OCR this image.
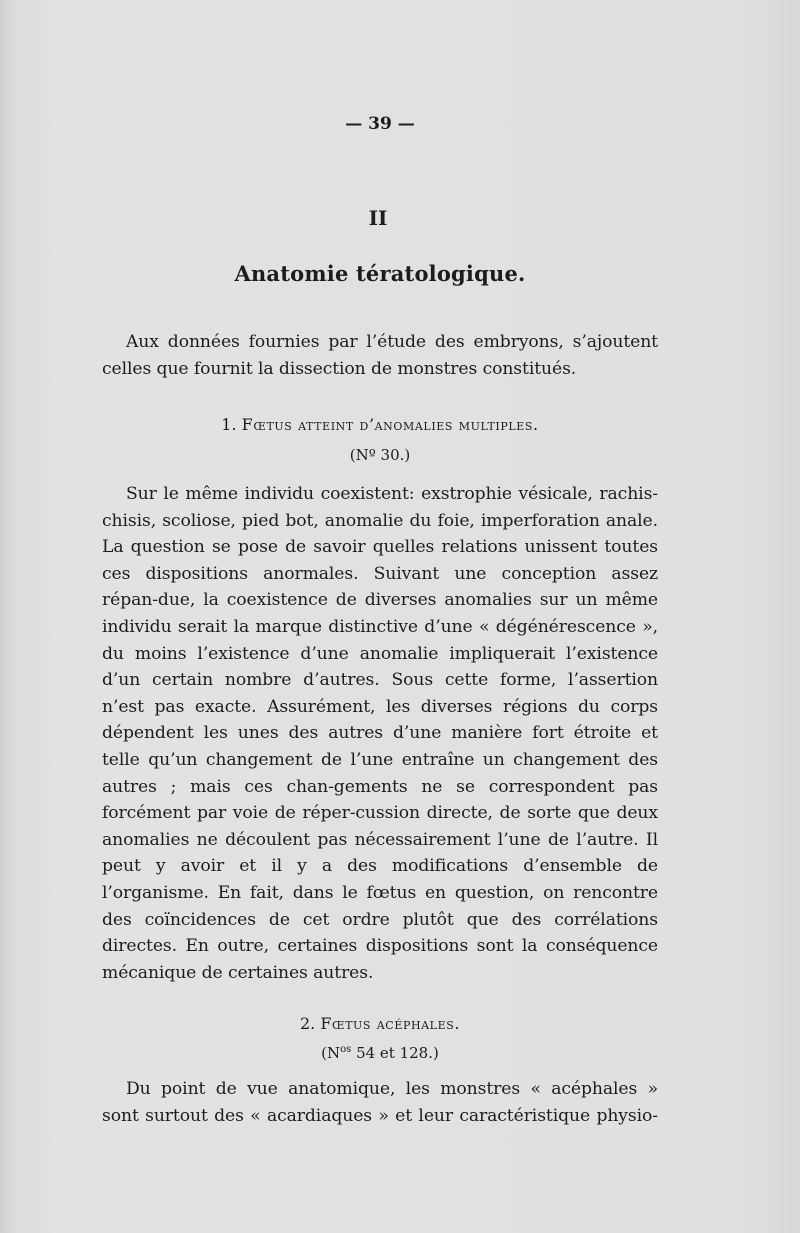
— 39 —
II
Anatomie tératologique.

Aux données fournies par l’étude des embryons, s’ajoutent

celles que fournit la dissection de monstres constitués.

1. Fœtus atteint d’anomalies multiples.
(Nº 30.)

Sur le même individu coexistent: exstrophie vésicale, rachis-chisis, scoliose, pied bot, anomalie du foie, imperforation anale. La question se pose de savoir quelles relations unissent toutes ces dispositions anormales. Suivant une conception assez répan-due, la coexistence de diverses anomalies sur un même individu serait la marque distinctive d’une « dégénérescence », du moins l’existence d’une anomalie impliquerait l’existence d’un certain nombre d’autres. Sous cette forme, l’assertion n’est pas exacte. Assurément, les diverses régions du corps dépendent les unes des autres d’une manière fort étroite et telle qu’un changement de l’une entraîne un changement des autres ; mais ces chan-gements ne se correspondent pas forcément par voie de réper-cussion directe, de sorte que deux anomalies ne découlent pas nécessairement l’une de l’autre. Il peut y avoir et il y a des modifications d’ensemble de l’organisme. En fait, dans le fœtus en question, on rencontre des coïncidences de cet ordre plutôt que des corrélations directes. En outre, certaines dispositions sont la conséquence mécanique de certaines autres.

2. Fœtus acéphales.
($N^{os}$ 54 et 128.)

Du point de vue anatomique, les monstres « acéphales »

sont surtout des « acardiaques » et leur caractéristique physio-
